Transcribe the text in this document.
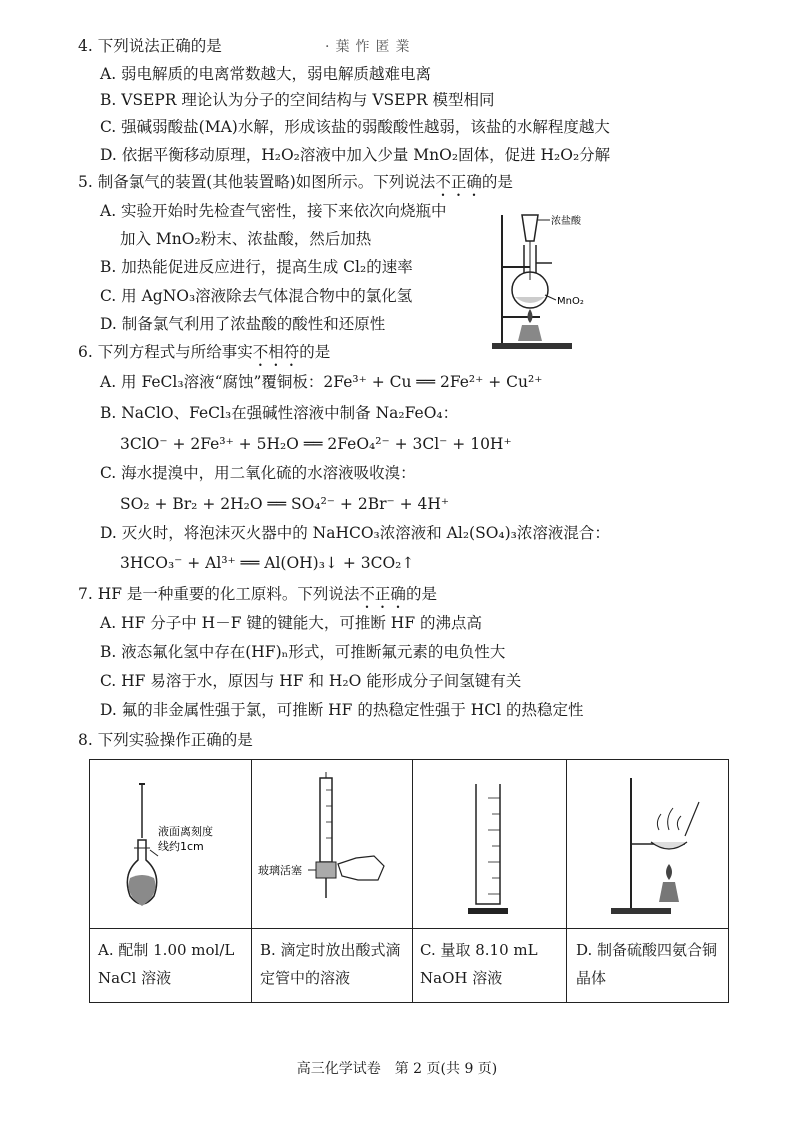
·葉怍匿業
4. 下列说法正确的是
A. 弱电解质的电离常数越大，弱电解质越难电离
B. VSEPR 理论认为分子的空间结构与 VSEPR 模型相同
C. 强碱弱酸盐(MA)水解，形成该盐的弱酸酸性越弱，该盐的水解程度越大
D. 依据平衡移动原理，H₂O₂溶液中加入少量 MnO₂固体，促进 H₂O₂分解
5. 制备氯气的装置(其他装置略)如图所示。下列说法不正确的是
A. 实验开始时先检查气密性，接下来依次向烧瓶中
加入 MnO₂粉末、浓盐酸，然后加热
B. 加热能促进反应进行，提高生成 Cl₂的速率
C. 用 AgNO₃溶液除去气体混合物中的氯化氢
D. 制备氯气利用了浓盐酸的酸性和还原性
浓盐酸
MnO₂
6. 下列方程式与所给事实不相符的是
A. 用 FeCl₃溶液“腐蚀”覆铜板：2Fe³⁺ + Cu ══ 2Fe²⁺ + Cu²⁺
B. NaClO、FeCl₃在强碱性溶液中制备 Na₂FeO₄：
3ClO⁻ + 2Fe³⁺ + 5H₂O ══ 2FeO₄²⁻ + 3Cl⁻ + 10H⁺
C. 海水提溴中，用二氧化硫的水溶液吸收溴：
SO₂ + Br₂ + 2H₂O ══ SO₄²⁻ + 2Br⁻ + 4H⁺
D. 灭火时，将泡沫灭火器中的 NaHCO₃浓溶液和 Al₂(SO₄)₃浓溶液混合：
3HCO₃⁻ + Al³⁺ ══ Al(OH)₃↓ + 3CO₂↑
7. HF 是一种重要的化工原料。下列说法不正确的是
A. HF 分子中 H－F 键的键能大，可推断 HF 的沸点高
B. 液态氟化氢中存在(HF)ₙ形式，可推断氟元素的电负性大
C. HF 易溶于水，原因与 HF 和 H₂O 能形成分子间氢键有关
D. 氟的非金属性强于氯，可推断 HF 的热稳定性强于 HCl 的热稳定性
8. 下列实验操作正确的是
液面离刻度
线约1cm
玻璃活塞
A. 配制 1.00 mol/L NaCl 溶液
B. 滴定时放出酸式滴定管中的溶液
C. 量取 8.10 mL NaOH 溶液
D. 制备硫酸四氨合铜晶体
高三化学试卷　第 2 页(共 9 页)
